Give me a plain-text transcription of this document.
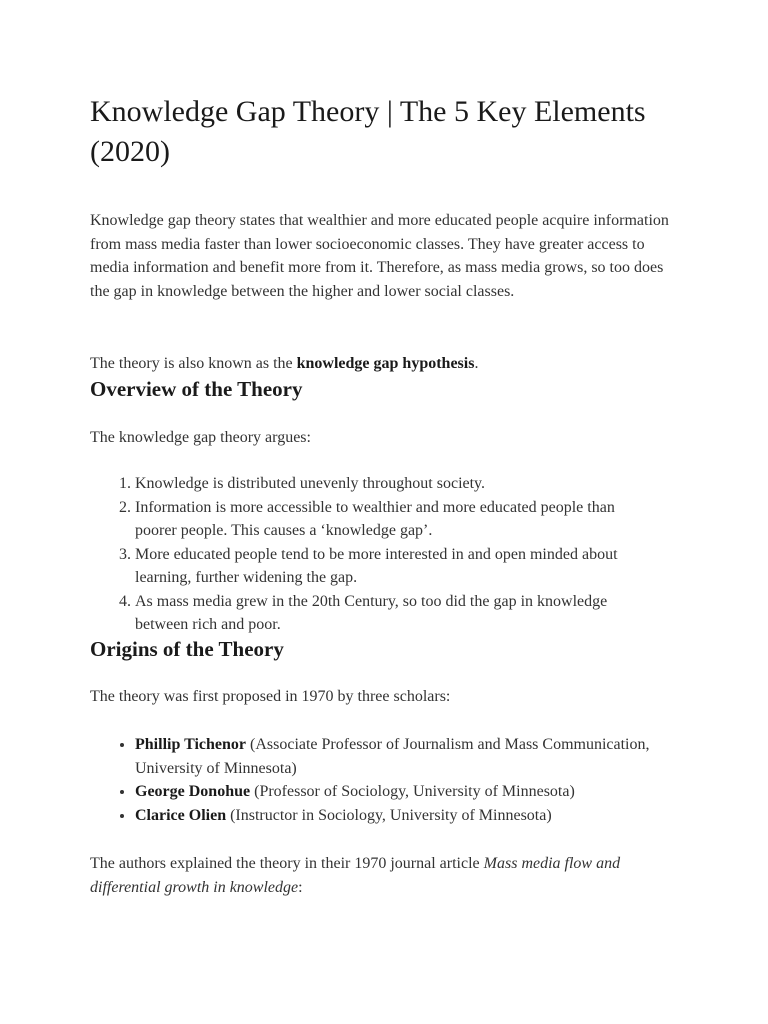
Knowledge Gap Theory | The 5 Key Elements (2020)

Knowledge gap theory states that wealthier and more educated people acquire information from mass media faster than lower socioeconomic classes. They have greater access to media information and benefit more from it. Therefore, as mass media grows, so too does the gap in knowledge between the higher and lower social classes.

The theory is also known as the knowledge gap hypothesis.

Overview of the Theory

The knowledge gap theory argues:

1. Knowledge is distributed unevenly throughout society.
2. Information is more accessible to wealthier and more educated people than poorer people. This causes a ‘knowledge gap’.
3. More educated people tend to be more interested in and open minded about learning, further widening the gap.
4. As mass media grew in the 20th Century, so too did the gap in knowledge between rich and poor.
Origins of the Theory

The theory was first proposed in 1970 by three scholars:

• Phillip Tichenor (Associate Professor of Journalism and Mass Communication, University of Minnesota)
• George Donohue (Professor of Sociology, University of Minnesota)
• Clarice Olien (Instructor in Sociology, University of Minnesota)

The authors explained the theory in their 1970 journal article Mass media flow and differential growth in knowledge:
